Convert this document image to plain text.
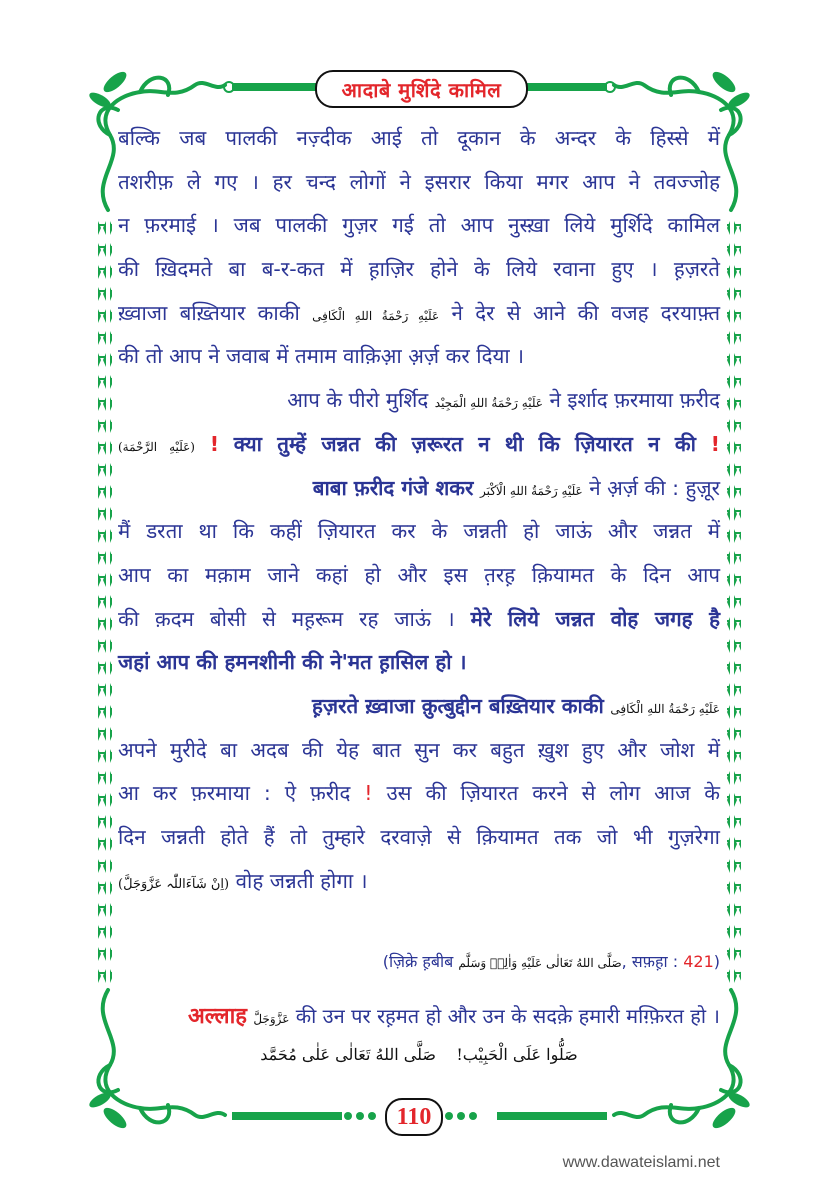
आदाबे मुर्शिदे कामिल
बल्कि जब पालकी नज़्दीक आई तो दूकान के अन्दर के हिस्से में
तशरीफ़ ले गए । हर चन्द लोगों ने इसरार किया मगर आप ने तवज्जोह
न फ़रमाई । जब पालकी गुज़र गई तो आप नुस्ख़ा लिये मुर्शिदे कामिल
की ख़िदमते बा ब-र-कत में ह़ाज़िर होने के लिये रवाना हुए । ह़ज़रते
ख़्वाजा बख़्तियार काकी عَلَيْهِ رَحْمَةُ اللهِ الْكَافِى ने देर से आने की वजह दरयाफ़्त
की तो आप ने जवाब में तमाम वाक़िआ़ अ़र्ज़ कर दिया ।
आप के पीरो मुर्शिद عَلَيْهِ رَحْمَةُ اللهِ الْمَجِيْد ने इर्शाद फ़रमाया फ़रीद
(عَلَيْهِ الرَّحْمَة) ! क्या तुम्हें जन्नत की ज़रूरत न थी कि ज़ियारत न की !
बाबा फ़रीद गंजे शकर عَلَيْهِ رَحْمَةُ اللهِ الْاَكْبَر ने अ़र्ज़ की : हुज़ूर
मैं डरता था कि कहीं ज़ियारत कर के जन्नती हो जाऊं और जन्नत में
आप का मक़ाम जाने कहां हो और इस त़रह़ क़ियामत के दिन आप
की क़दम बोसी से मह़रूम रह जाऊं । मेरे लिये जन्नत वोह जगह है
जहां आप की हमनशीनी की ने'मत ह़ासिल हो ।
ह़ज़रते ख़्वाजा क़ुत्बुद्दीन बख़्तियार काकी عَلَيْهِ رَحْمَةُ اللهِ الْكَافِى
अपने मुरीदे बा अदब की येह बात सुन कर बहुत ख़ुश हुए और जोश में
आ कर फ़रमाया : ऐ फ़रीद ! उस की ज़ियारत करने से लोग आज के
दिन जन्नती होते हैं तो तुम्हारे दरवाज़े से क़ियामत तक जो भी गुज़रेगा
(اِنْ شَآءَاللّٰہ عَزَّوَجَلَّ) वोह जन्नती होगा ।
(ज़िक्रे ह़बीब صَلَّى اللهُ تَعَالٰى عَلَيْهِ وَاٰلِهٖ وَسَلَّم, सफ़ह़ा : 421)
अल्लाह عَزَّوَجَلَّ की उन पर रह़मत हो और उन के सदक़े हमारी मग़्फ़िरत हो ।
صَلُّوا عَلَى الْحَبِيْب!    صَلَّى اللهُ تَعَالٰى عَلٰى مُحَمَّد
110
www.dawateislami.net
